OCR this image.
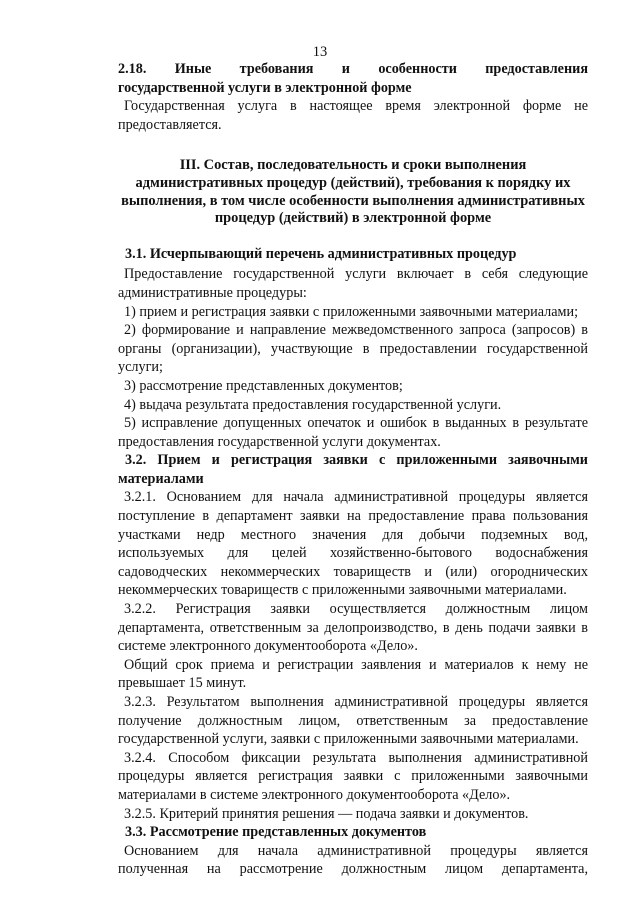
13

2.18.   Иные   требования   и   особенности   предоставления

государственной услуги в электронной форме

Государственная услуга в настоящее время электронной форме не предоставляется.

III. Состав, последовательность и сроки выполнения
административных процедур (действий), требования к порядку их
выполнения, в том числе особенности выполнения административных
процедур (действий) в электронной форме

3.1. Исчерпывающий перечень административных процедур

Предоставление государственной услуги включает в себя следующие административные процедуры:

1) прием и регистрация заявки с приложенными заявочными материалами;

2) формирование и направление межведомственного запроса (запросов) в органы (организации), участвующие в предоставлении государственной услуги;

3) рассмотрение представленных документов;

4) выдача результата предоставления государственной услуги.

5) исправление допущенных опечаток и ошибок в выданных в результате предоставления государственной услуги документах.

3.2. Прием и регистрация заявки с приложенными заявочными

материалами

3.2.1. Основанием для начала административной процедуры является поступление в департамент заявки на предоставление права пользования участками недр местного значения для добычи подземных вод, используемых для целей хозяйственно-бытового водоснабжения садоводческих некоммерческих товариществ и (или) огороднических некоммерческих товариществ с приложенными заявочными материалами.

3.2.2. Регистрация заявки осуществляется должностным лицом департамента, ответственным за делопроизводство, в день подачи заявки в системе электронного документооборота «Дело».

Общий срок приема и регистрации заявления и материалов к нему не превышает 15 минут.

3.2.3. Результатом выполнения административной процедуры является получение должностным лицом, ответственным за предоставление государственной услуги, заявки с приложенными заявочными материалами.

3.2.4. Способом фиксации результата выполнения административной процедуры является регистрация заявки с приложенными заявочными материалами в системе электронного документооборота «Дело».

3.2.5. Критерий принятия решения — подача заявки и документов.

3.3. Рассмотрение представленных документов

Основанием   для   начала   административной   процедуры   является

полученная   на   рассмотрение   должностным   лицом   департамента,
